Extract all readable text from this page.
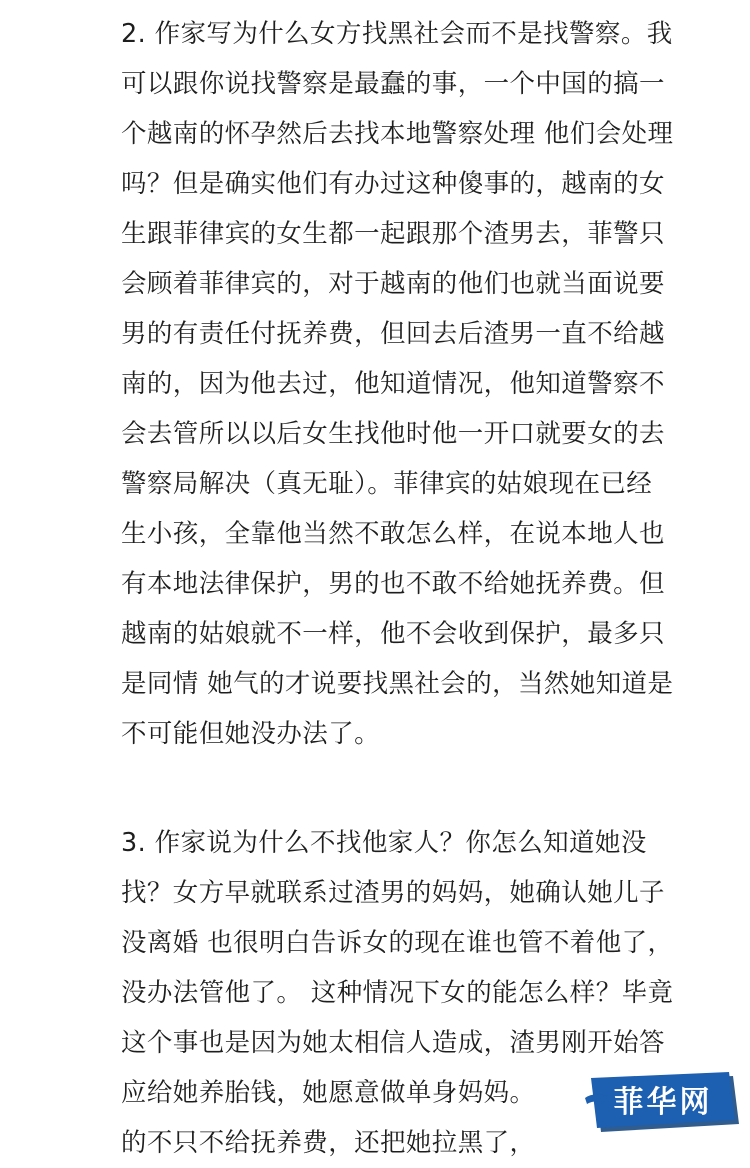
2. 作家写为什么女方找黑社会而不是找警察。我
可以跟你说找警察是最蠢的事，一个中国的搞一
个越南的怀孕然后去找本地警察处理 他们会处理
吗？但是确实他们有办过这种傻事的，越南的女
生跟菲律宾的女生都一起跟那个渣男去，菲警只
会顾着菲律宾的，对于越南的他们也就当面说要
男的有责任付抚养费，但回去后渣男一直不给越
南的，因为他去过，他知道情况，他知道警察不
会去管所以以后女生找他时他一开口就要女的去
警察局解决（真无耻）。菲律宾的姑娘现在已经
生小孩，全靠他当然不敢怎么样，在说本地人也
有本地法律保护，男的也不敢不给她抚养费。但
越南的姑娘就不一样，他不会收到保护，最多只
是同情 她气的才说要找黑社会的，当然她知道是
不可能但她没办法了。

3. 作家说为什么不找他家人？你怎么知道她没
找？女方早就联系过渣男的妈妈，她确认她儿子
没离婚 也很明白告诉女的现在谁也管不着他了，
没办法管他了。 这种情况下女的能怎么样？毕竟
这个事也是因为她太相信人造成，渣男刚开始答
应给她养胎钱，她愿意做单身妈妈。
的不只不给抚养费，还把她拉黑了，

菲华网
